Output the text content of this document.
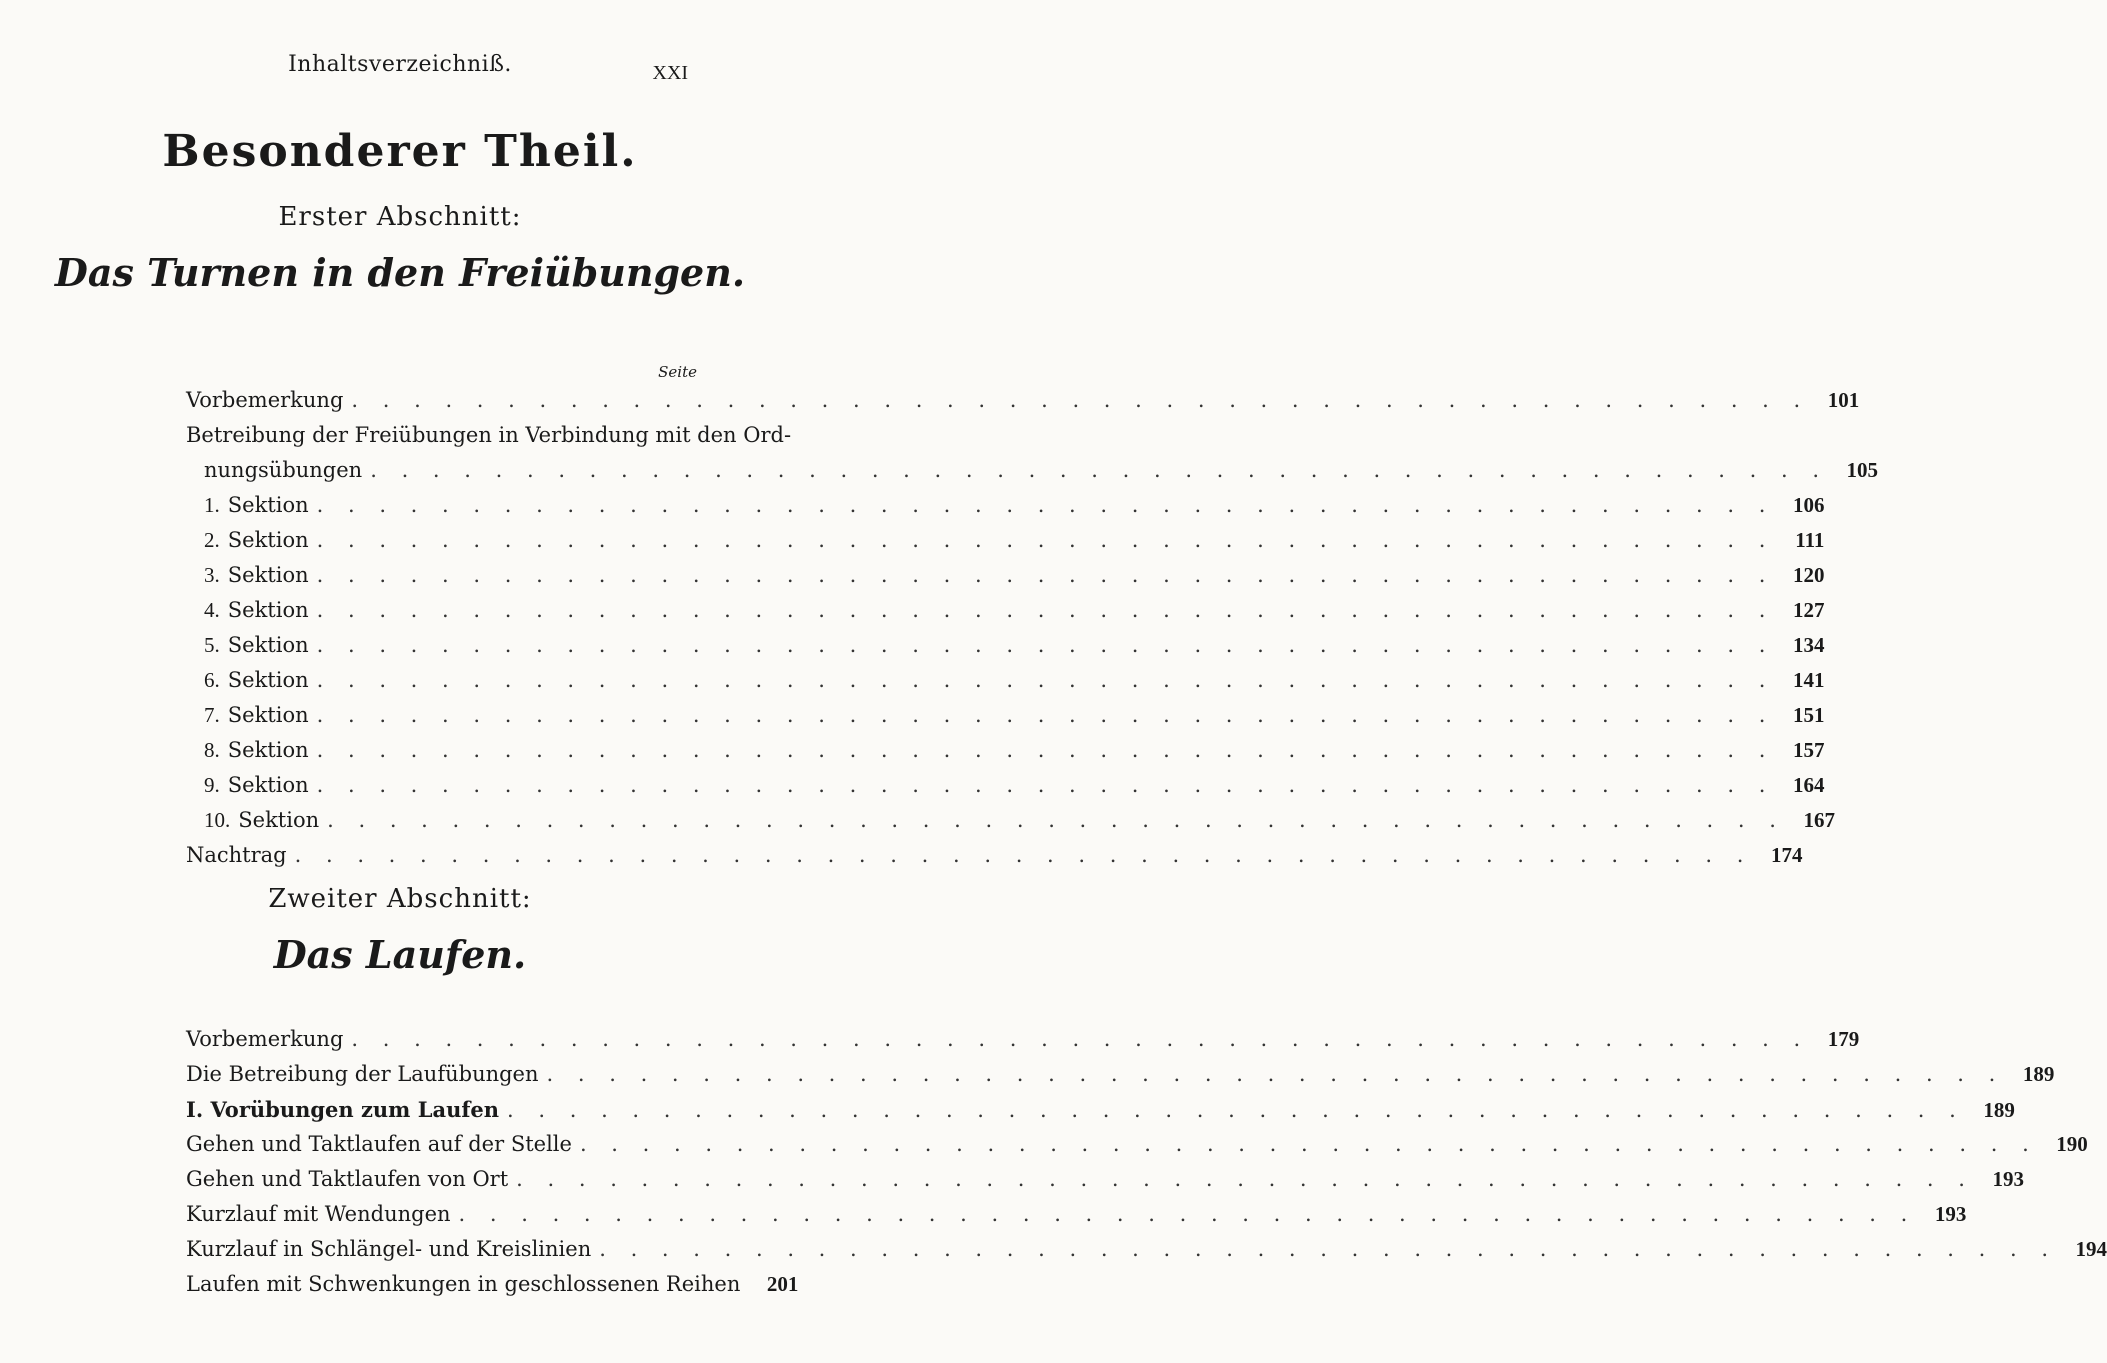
Inhaltsverzeichniß.	XXI
Besonderer Theil.
Erster Abschnitt:
Das Turnen in den Freiübungen.
Seite
Vorbemerkung . . .	101
Betreibung der Freiübungen in Verbindung mit den Ord-
nungsübungen . . .	105
1. Sektion . . .	106
2. Sektion . . .	111
3. Sektion . . .	120
4. Sektion . . .	127
5. Sektion . . .	134
6. Sektion . . .	141
7. Sektion . . .	151
8. Sektion . . .	157
9. Sektion . . .	164
10. Sektion . . .	167
Nachtrag . . .	174
Zweiter Abschnitt:
Das Laufen.
Vorbemerkung . . .	179
Die Betreibung der Laufübungen . . .	189
I. Vorübungen zum Laufen . . .	189
Gehen und Taktlaufen auf der Stelle . . .	190
Gehen und Taktlaufen von Ort . . .	193
Kurzlauf mit Wendungen . . .	193
Kurzlauf in Schlängel- und Kreislinien . . .	194
Laufen mit Schwenkungen in geschlossenen Reihen	201
